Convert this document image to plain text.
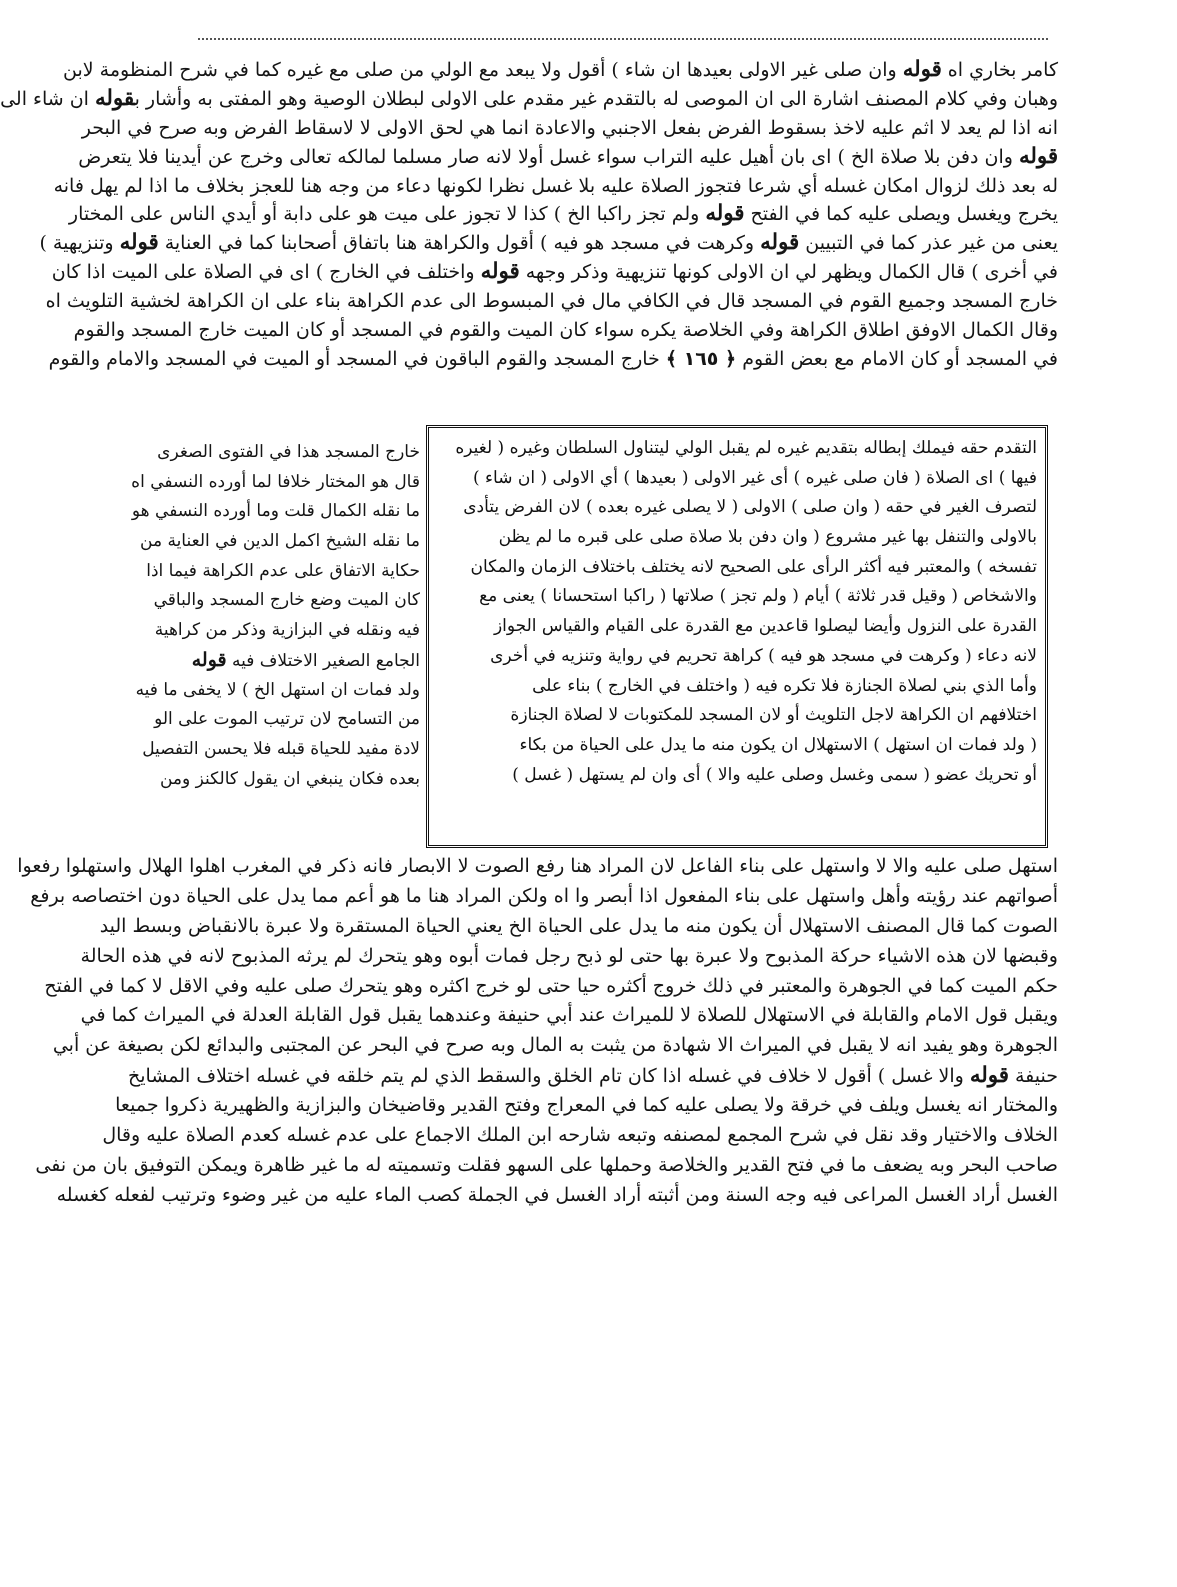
كامر بخاري اه قوله وان صلى غير الاولى بعيدها ان شاء ) أقول ولا يبعد مع الولي من صلى مع غيره كما في شرح المنظومة لابن
وهبان وفي كلام المصنف اشارة الى ان الموصى له بالتقدم غير مقدم على الاولى لبطلان الوصية وهو المفتى به وأشار بقوله ان شاء الى
انه اذا لم يعد لا اثم عليه لاخذ بسقوط الفرض بفعل الاجنبي والاعادة انما هي لحق الاولى لا لاسقاط الفرض وبه صرح في البحر
قوله وان دفن بلا صلاة الخ ) اى بان أهيل عليه التراب سواء غسل أولا لانه صار مسلما لمالكه تعالى وخرج عن أيدينا فلا يتعرض
له بعد ذلك لزوال امكان غسله أي شرعا فتجوز الصلاة عليه بلا غسل نظرا لكونها دعاء من وجه هنا للعجز بخلاف ما اذا لم يهل فانه
يخرج ويغسل ويصلى عليه كما في الفتح قوله ولم تجز راكبا الخ ) كذا لا تجوز على ميت هو على دابة أو أيدي الناس على المختار
يعنى من غير عذر كما في التبيين قوله وكرهت في مسجد هو فيه ) أقول والكراهة هنا باتفاق أصحابنا كما في العناية قوله وتنزيهية )
في أخرى ) قال الكمال ويظهر لي ان الاولى كونها تنزيهية وذكر وجهه قوله واختلف في الخارج ) اى في الصلاة على الميت اذا كان
خارج المسجد وجميع القوم في المسجد قال في الكافي مال في المبسوط الى عدم الكراهة بناء على ان الكراهة لخشية التلويث اه
وقال الكمال الاوفق اطلاق الكراهة وفي الخلاصة يكره سواء كان الميت والقوم في المسجد أو كان الميت خارج المسجد والقوم
في المسجد أو كان الامام مع بعض القوم ﴿ ١٦٥ ﴾ خارج المسجد والقوم الباقون في المسجد أو الميت في المسجد والامام والقوم
التقدم حقه فيملك إبطاله بتقديم غيره لم يقبل الولي ليتناول السلطان وغيره ( لغيره
فيها ) اى الصلاة ( فان صلى غيره ) أى غير الاولى ( بعيدها ) أي الاولى ( ان شاء )
لتصرف الغير في حقه ( وان صلى ) الاولى ( لا يصلى غيره بعده ) لان الفرض يتأدى
بالاولى والتنفل بها غير مشروع ( وان دفن بلا صلاة صلى على قبره ما لم يظن
تفسخه ) والمعتبر فيه أكثر الرأى على الصحيح لانه يختلف باختلاف الزمان والمكان
والاشخاص ( وقيل قدر ثلاثة ) أيام ( ولم تجز ) صلاتها ( راكبا استحسانا ) يعنى مع
القدرة على النزول وأيضا ليصلوا قاعدين مع القدرة على القيام والقياس الجواز
لانه دعاء ( وكرهت في مسجد هو فيه ) كراهة تحريم في رواية وتنزيه في أخرى
وأما الذي بني لصلاة الجنازة فلا تكره فيه ( واختلف في الخارج ) بناء على
اختلافهم ان الكراهة لاجل التلويث أو لان المسجد للمكتوبات لا لصلاة الجنازة
( ولد فمات ان استهل ) الاستهلال ان يكون منه ما يدل على الحياة من بكاء
أو تحريك عضو ( سمى وغسل وصلى عليه والا ) أى وان لم يستهل ( غسل )
خارج المسجد هذا في الفتوى الصغرى
قال هو المختار خلافا لما أورده النسفي اه
ما نقله الكمال قلت وما أورده النسفي هو
ما نقله الشيخ اكمل الدين في العناية من
حكاية الاتفاق على عدم الكراهة فيما اذا
كان الميت وضع خارج المسجد والباقي
فيه ونقله في البزازية وذكر من كراهية
الجامع الصغير الاختلاف فيه قوله
ولد فمات ان استهل الخ ) لا يخفى ما فيه
من التسامح لان ترتيب الموت على الو
لادة مفيد للحياة قبله فلا يحسن التفصيل
بعده فكان ينبغي ان يقول كالكنز ومن
استهل صلى عليه والا لا واستهل على بناء الفاعل لان المراد هنا رفع الصوت لا الابصار فانه ذكر في المغرب اهلوا الهلال واستهلوا رفعوا
أصواتهم عند رؤيته وأهل واستهل على بناء المفعول اذا أبصر وا اه ولكن المراد هنا ما هو أعم مما يدل على الحياة دون اختصاصه برفع
الصوت كما قال المصنف الاستهلال أن يكون منه ما يدل على الحياة الخ يعني الحياة المستقرة ولا عبرة بالانقباض وبسط اليد
وقبضها لان هذه الاشياء حركة المذبوح ولا عبرة بها حتى لو ذبح رجل فمات أبوه وهو يتحرك لم يرثه المذبوح لانه في هذه الحالة
حكم الميت كما في الجوهرة والمعتبر في ذلك خروج أكثره حيا حتى لو خرج اكثره وهو يتحرك صلى عليه وفي الاقل لا كما في الفتح
ويقبل قول الامام والقابلة في الاستهلال للصلاة لا للميراث عند أبي حنيفة وعندهما يقبل قول القابلة العدلة في الميراث كما في
الجوهرة وهو يفيد انه لا يقبل في الميراث الا شهادة من يثبت به المال وبه صرح في البحر عن المجتبى والبدائع لكن بصيغة عن أبي
حنيفة قوله والا غسل ) أقول لا خلاف في غسله اذا كان تام الخلق والسقط الذي لم يتم خلقه في غسله اختلاف المشايخ
والمختار انه يغسل ويلف في خرقة ولا يصلى عليه كما في المعراج وفتح القدير وقاضيخان والبزازية والظهيرية ذكروا جميعا
الخلاف والاختيار وقد نقل في شرح المجمع لمصنفه وتبعه شارحه ابن الملك الاجماع على عدم غسله كعدم الصلاة عليه وقال
صاحب البحر وبه يضعف ما في فتح القدير والخلاصة وحملها على السهو فقلت وتسميته له ما غير ظاهرة ويمكن التوفيق بان من نفى
الغسل أراد الغسل المراعى فيه وجه السنة ومن أثبته أراد الغسل في الجملة كصب الماء عليه من غير وضوء وترتيب لفعله كغسله
